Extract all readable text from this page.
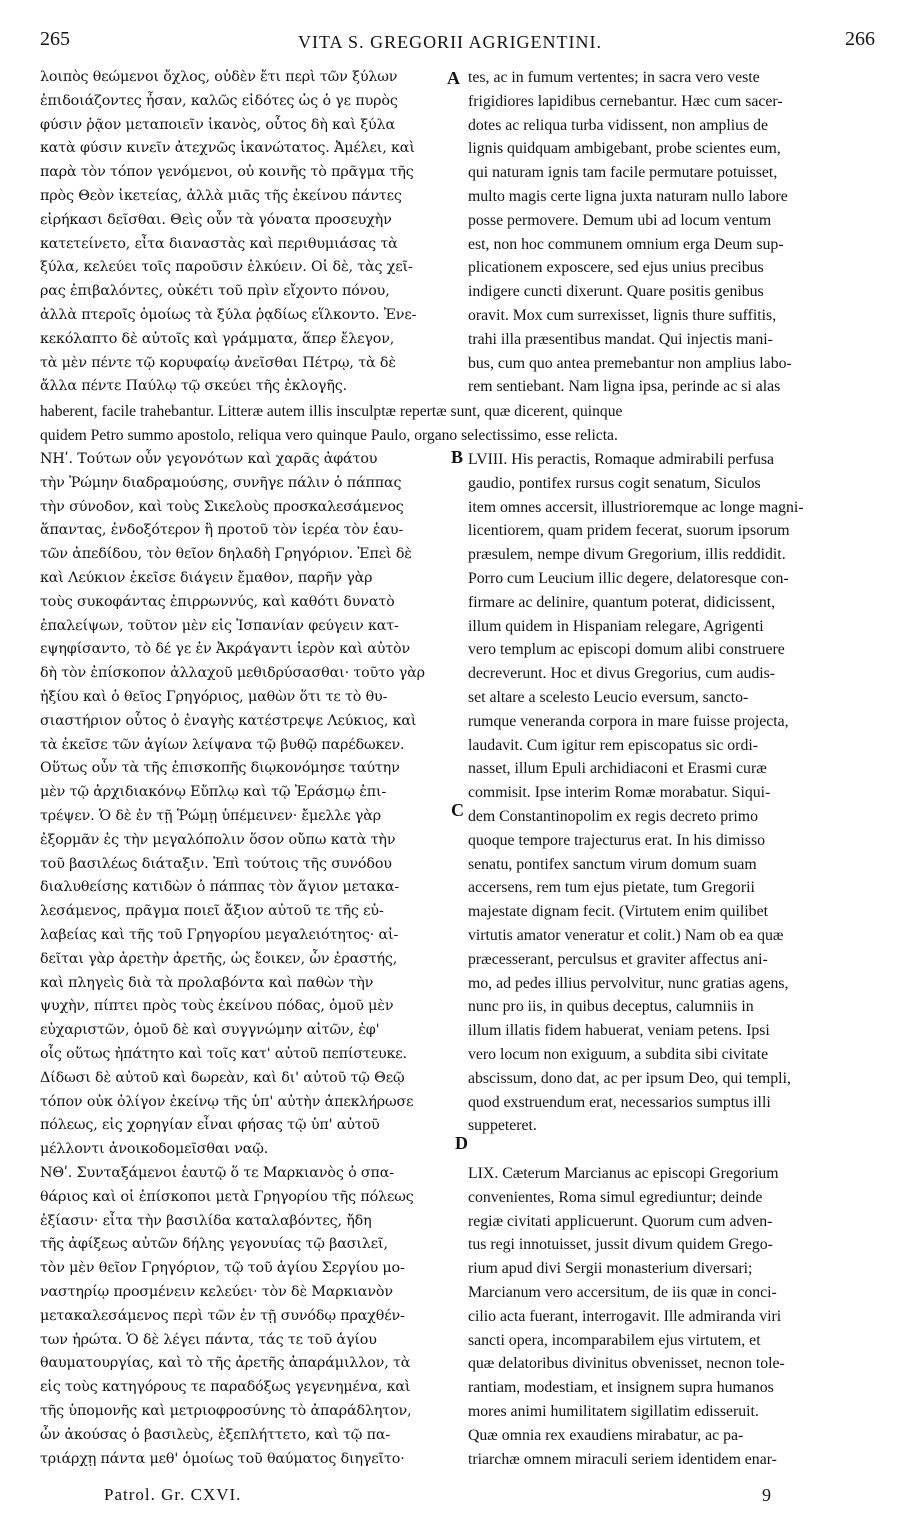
265	VITA S. GREGORII AGRIGENTINI.	266
λοιπὸς θεώμενοι ὄχλος, οὐδὲν ἔτι περὶ τῶν ξύλων
ἐπιδοιάζοντες ἦσαν, καλῶς εἰδότες ὡς ὁ γε πυρὸς
φύσιν ῥᾷον μεταποιεῖν ἱκανὸς, οὗτος δὴ καὶ ξύλα
κατὰ φύσιν κινεῖν ἀτεχνῶς ἱκανώτατος. Ἀμέλει, καὶ
παρὰ τὸν τόπον γενόμενοι, οὐ κοινῆς τὸ πρᾶγμα τῆς
πρὸς Θεὸν ἱκετείας, ἀλλὰ μιᾶς τῆς ἐκείνου πάντες
εἰρήκασι δεῖσθαι. Θεὶς οὖν τὰ γόνατα προσευχὴν
κατετείνετο, εἶτα διαναστὰς καὶ περιθυμιάσας τὰ
ξύλα, κελεύει τοῖς παροῦσιν ἑλκύειν. Οἱ δὲ, τὰς χεῖ-
ρας ἐπιβαλόντες, οὐκέτι τοῦ πρὶν εἴχοντο πόνου,
ἀλλὰ πτεροῖς ὁμοίως τὰ ξύλα ῥᾳδίως εἵλκοντο. Ἐνε-
κεκόλαπτο δὲ αὐτοῖς καὶ γράμματα, ἅπερ ἔλεγον,
τὰ μὲν πέντε τῷ κορυφαίῳ ἀνεῖσθαι Πέτρῳ, τὰ δὲ
ἄλλα πέντε Παύλῳ τῷ σκεύει τῆς ἐκλογῆς.
tes, ac in fumum vertentes; in sacra vero veste
frigidiores lapidibus cernebantur. Hæc cum sacer-
dotes ac reliqua turba vidissent, non amplius de
lignis quidquam ambigebant, probe scientes eum,
qui naturam ignis tam facile permutare potuisset,
multo magis certe ligna juxta naturam nullo labore
posse permovere. Demum ubi ad locum ventum
est, non hoc communem omnium erga Deum sup-
plicationem exposcere, sed ejus unius precibus
indigere cuncti dixerunt. Quare positis genibus
oravit. Mox cum surrexisset, lignis thure suffitis,
trahi illa præsentibus mandat. Qui injectis mani-
bus, cum quo antea premebantur non amplius labo-
rem sentiebant. Nam ligna ipsa, perinde ac si alas
haberent, facile trahebantur. Litteræ autem illis insculptæ repertæ sunt, quæ dicerent, quinque
quidem Petro summo apostolo, reliqua vero quinque Paulo, organo selectissimo, esse relicta.
ΝΗʹ. Τούτων οὖν γεγονότων καὶ χαρᾶς ἀφάτου
τὴν Ῥώμην διαδραμούσης, συνῆγε πάλιν ὁ πάππας
τὴν σύνοδον, καὶ τοὺς Σικελοὺς προσκαλεσάμενος
ἅπαντας, ἐνδοξότερον ἢ προτοῦ τὸν ἱερέα τὸν ἑαυ-
τῶν ἀπεδίδου, τὸν θεῖον δηλαδὴ Γρηγόριον. Ἐπεὶ δὲ
καὶ Λεύκιον ἐκεῖσε διάγειν ἔμαθον, παρῆν γὰρ
τοὺς συκοφάντας ἐπιρρωννύς, καὶ καθότι δυνατὸ
ἐπαλείψων, τοῦτον μὲν εἰς Ἱσπανίαν φεύγειν κατ-
εψηφίσαντο, τὸ δέ γε ἐν Ἀκράγαντι ἱερὸν καὶ αὐτὸν
δὴ τὸν ἐπίσκοπον ἀλλαχοῦ μεθιδρύσασθαι· τοῦτο γὰρ
ἠξίου καὶ ὁ θεῖος Γρηγόριος, μαθὼν ὅτι τε τὸ θυ-
σιαστήριον οὗτος ὁ ἐναγὴς κατέστρεψε Λεύκιος, καὶ
τὰ ἐκεῖσε τῶν ἁγίων λείψανα τῷ βυθῷ παρέδωκεν.
Οὕτως οὖν τὰ τῆς ἐπισκοπῆς διῳκονόμησε ταύτην
μὲν τῷ ἀρχιδιακόνῳ Εὔπλῳ καὶ τῷ Ἐράσμῳ ἐπι-
τρέψεν. Ὁ δὲ ἐν τῇ Ῥώμῃ ὑπέμεινεν· ἔμελλε γὰρ
ἐξορμᾶν ἐς τὴν μεγαλόπολιν ὅσον οὔπω κατὰ τὴν
τοῦ βασιλέως διάταξιν. Ἐπὶ τούτοις τῆς συνόδου
διαλυθείσης κατιδὼν ὁ πάππας τὸν ἅγιον μετακα-
λεσάμενος, πρᾶγμα ποιεῖ ἄξιον αὐτοῦ τε τῆς εὐ-
λαβείας καὶ τῆς τοῦ Γρηγορίου μεγαλειότητος· αἰ-
δεῖται γὰρ ἀρετὴν ἀρετῆς, ὡς ἔοικεν, ὧν ἐραστής,
καὶ πληγεὶς διὰ τὰ προλαβόντα καὶ παθὼν τὴν
ψυχὴν, πίπτει πρὸς τοὺς ἐκείνου πόδας, ὁμοῦ μὲν
εὐχαριστῶν, ὁμοῦ δὲ καὶ συγγνώμην αἰτῶν, ἐφ'
οἷς οὕτως ἠπάτητο καὶ τοῖς κατ' αὐτοῦ πεπίστευκε.
Δίδωσι δὲ αὐτοῦ καὶ δωρεὰν, καὶ δι' αὐτοῦ τῷ Θεῷ
τόπον οὐκ ὀλίγον ἐκείνῳ τῆς ὑπ' αὐτὴν ἀπεκλήρωσε
πόλεως, εἰς χορηγίαν εἶναι φήσας τῷ ὑπ' αὐτοῦ
μέλλοντι ἀνοικοδομεῖσθαι ναῷ.
LVIII. His peractis, Romaque admirabili perfusa
gaudio, pontifex rursus cogit senatum, Siculos
item omnes accersit, illustrioremque ac longe magni-
licentiorem, quam pridem fecerat, suorum ipsorum
præsulem, nempe divum Gregorium, illis reddidit.
Porro cum Leucium illic degere, delatoresque con-
firmare ac delinire, quantum poterat, didicissent,
illum quidem in Hispaniam relegare, Agrigenti
vero templum ac episcopi domum alibi construere
decreverunt. Hoc et divus Gregorius, cum audis-
set altare a scelesto Leucio eversum, sancto-
rumque veneranda corpora in mare fuisse projecta,
laudavit. Cum igitur rem episcopatus sic ordi-
nasset, illum Epuli archidiaconi et Erasmi curæ
commisit. Ipse interim Romæ morabatur. Siqui-
dem Constantinopolim ex regis decreto primo
quoque tempore trajecturus erat. In his dimisso
senatu, pontifex sanctum virum domum suam
accersens, rem tum ejus pietate, tum Gregorii
majestate dignam fecit. (Virtutem enim quilibet
virtutis amator veneratur et colit.) Nam ob ea quæ
præcesserant, perculsus et graviter affectus ani-
mo, ad pedes illius pervolvitur, nunc gratias agens,
nunc pro iis, in quibus deceptus, calumniis in
illum illatis fidem habuerat, veniam petens. Ipsi
vero locum non exiguum, a subdita sibi civitate
abscissum, dono dat, ac per ipsum Deo, qui templi,
quod exstruendum erat, necessarios sumptus illi
suppeteret.
ΝΘʹ. Συνταξάμενοι ἑαυτῷ ὅ τε Μαρκιανὸς ὁ σπα-
θάριος καὶ οἱ ἐπίσκοποι μετὰ Γρηγορίου τῆς πόλεως
ἐξίασιν· εἶτα τὴν βασιλίδα καταλαβόντες, ἤδη
τῆς ἀφίξεως αὐτῶν δήλης γεγονυίας τῷ βασιλεῖ,
τὸν μὲν θεῖον Γρηγόριον, τῷ τοῦ ἁγίου Σεργίου μο-
ναστηρίῳ προσμένειν κελεύει· τὸν δὲ Μαρκιανὸν
μετακαλεσάμενος περὶ τῶν ἐν τῇ συνόδῳ πραχθέν-
των ἠρώτα. Ὁ δὲ λέγει πάντα, τάς τε τοῦ ἁγίου
θαυματουργίας, καὶ τὸ τῆς ἀρετῆς ἀπαράμιλλον, τὰ
εἰς τοὺς κατηγόρους τε παραδόξως γεγενημένα, καὶ
τῆς ὑπομονῆς καὶ μετριοφροσύνης τὸ ἀπαράδλητον,
ὧν ἀκούσας ὁ βασιλεὺς, ἐξεπλήττετο, καὶ τῷ πα-
τριάρχῃ πάντα μεθ' ὁμοίως τοῦ θαύματος διηγεῖτο·
LIX. Cæterum Marcianus ac episcopi Gregorium
convenientes, Roma simul egrediuntur; deinde
regiæ civitati applicuerunt. Quorum cum adven-
tus regi innotuisset, jussit divum quidem Grego-
rium apud divi Sergii monasterium diversari;
Marcianum vero accersitum, de iis quæ in conci-
cilio acta fuerant, interrogavit. Ille admiranda viri
sancti opera, incomparabilem ejus virtutem, et
quæ delatoribus divinitus obvenisset, necnon tole-
rantiam, modestiam, et insignem supra humanos
mores animi humilitatem sigillatim edisseruit.
Quæ omnia rex exaudiens mirabatur, ac pa-
triarchæ omnem miraculi seriem identidem enar-
A
B
C
D
Patrol. Gr. CXVI.	9
